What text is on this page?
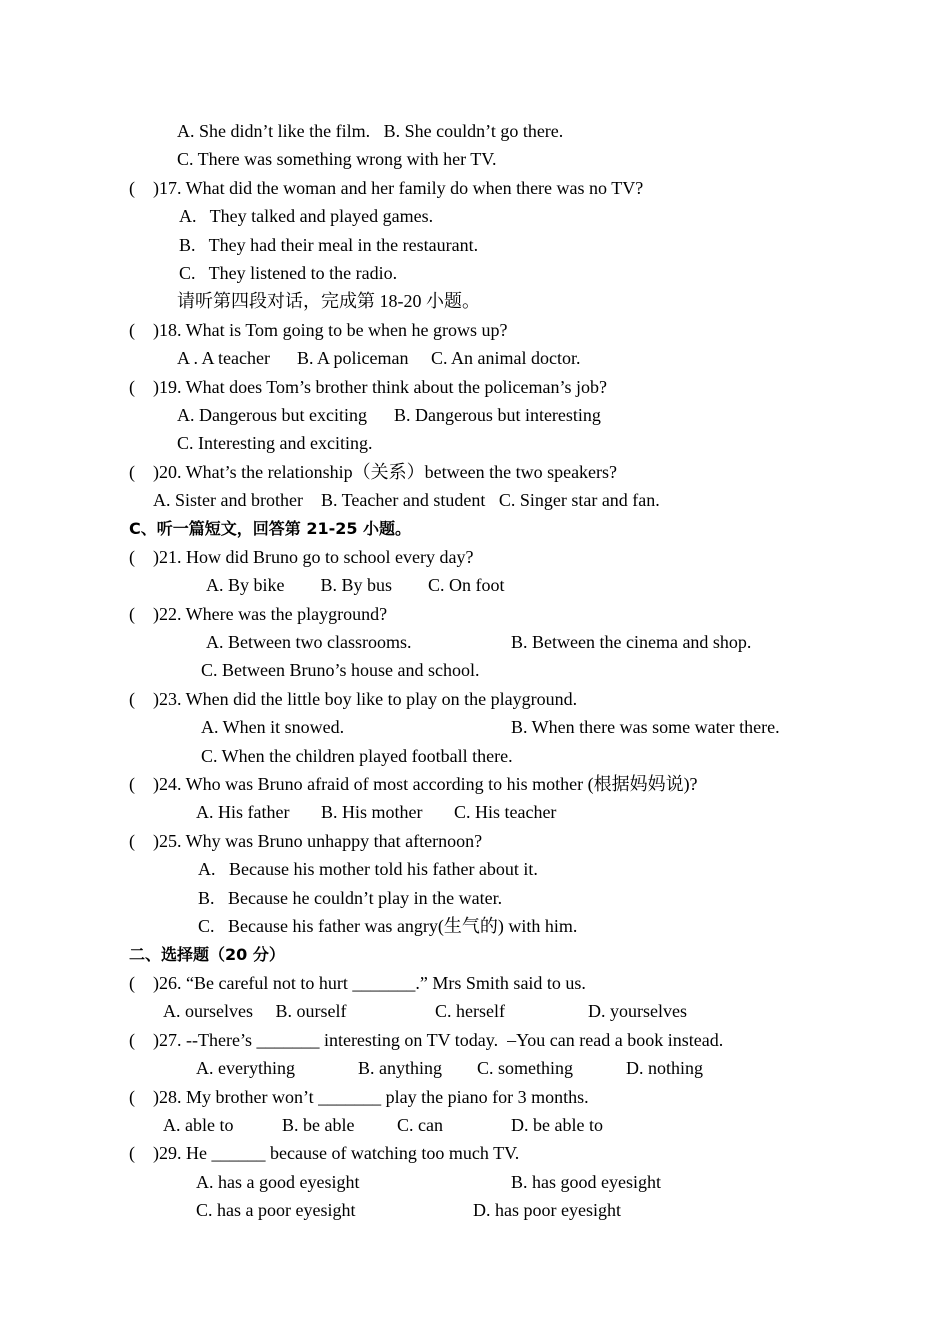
A. She didn’t like the film.   B. She couldn’t go there.
C. There was something wrong with her TV.
(    )17. What did the woman and her family do when there was no TV?
A.   They talked and played games.
B.   They had their meal in the restaurant.
C.   They listened to the radio.
请听第四段对话，完成第 18-20 小题。
(    )18. What is Tom going to be when he grows up?
A . A teacher      B. A policeman     C. An animal doctor.
(    )19. What does Tom’s brother think about the policeman’s job?
A. Dangerous but exciting      B. Dangerous but interesting
C. Interesting and exciting.
(    )20. What’s the relationship（关系）between the two speakers?
A. Sister and brother    B. Teacher and student   C. Singer star and fan.
C、听一篇短文，回答第 21-25 小题。
(    )21. How did Bruno go to school every day?
A. By bike        B. By bus        C. On foot
(    )22. Where was the playground?
A. Between two classrooms.	B. Between the cinema and shop.
C. Between Bruno’s house and school.
(    )23. When did the little boy like to play on the playground.
A. When it snowed.	B. When there was some water there.
C. When the children played football there.
(    )24. Who was Bruno afraid of most according to his mother (根据妈妈说)?
A. His father       B. His mother       C. His teacher
(    )25. Why was Bruno unhappy that afternoon?
A.   Because his mother told his father about it.
B.   Because he couldn’t play in the water.
C.   Because his father was angry(生气的) with him.
二、选择题（20 分）
(    )26. “Be careful not to hurt _______.” Mrs Smith said to us.
A. ourselves     B. ourself	C. herself	D. yourselves
(    )27. --There’s _______ interesting on TV today.  –You can read a book instead.
A. everything	B. anything C. something	D. nothing
(    )28. My brother won’t _______ play the piano for 3 months.
A. able to	B. be able C. can	D. be able to
(    )29. He ______ because of watching too much TV.
A. has a good eyesight	B. has good eyesight
C. has a poor eyesight	D. has poor eyesight
